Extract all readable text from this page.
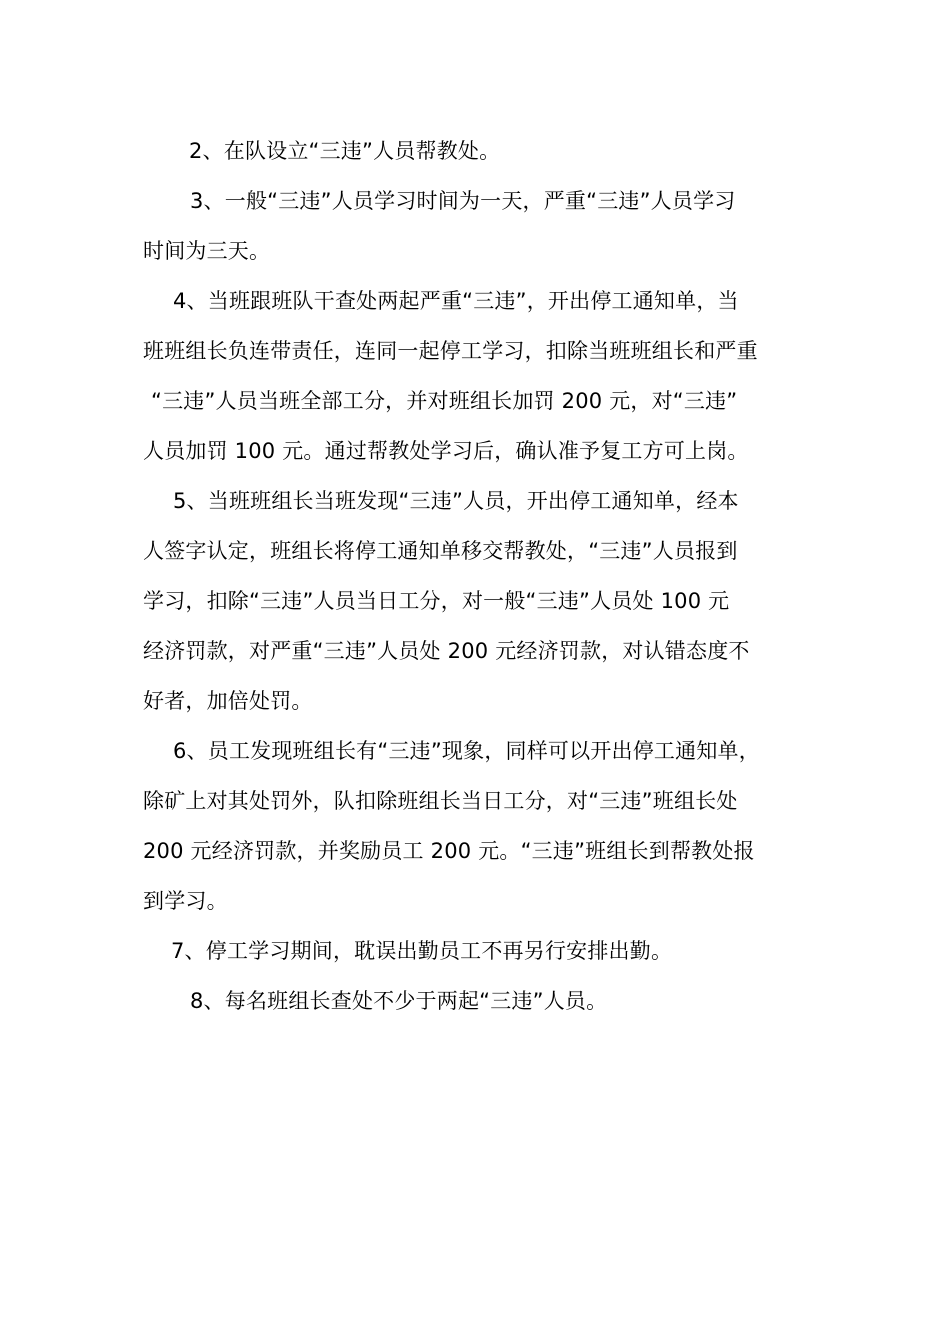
2、在队设立“三违”人员帮教处。
3、一般“三违”人员学习时间为一天，严重“三违”人员学习
时间为三天。
4、当班跟班队干查处两起严重“三违”，开出停工通知单，当
班班组长负连带责任，连同一起停工学习，扣除当班班组长和严重
“三违”人员当班全部工分，并对班组长加罚 200 元，对“三违”
人员加罚 100 元。通过帮教处学习后，确认准予复工方可上岗。
5、当班班组长当班发现“三违”人员，开出停工通知单，经本
人签字认定，班组长将停工通知单移交帮教处，“三违”人员报到
学习，扣除“三违”人员当日工分，对一般“三违”人员处 100 元
经济罚款，对严重“三违”人员处 200 元经济罚款，对认错态度不
好者，加倍处罚。
6、员工发现班组长有“三违”现象，同样可以开出停工通知单，
除矿上对其处罚外，队扣除班组长当日工分，对“三违”班组长处
200 元经济罚款，并奖励员工 200 元。“三违”班组长到帮教处报
到学习。
7、停工学习期间，耽误出勤员工不再另行安排出勤。
8、每名班组长查处不少于两起“三违”人员。
